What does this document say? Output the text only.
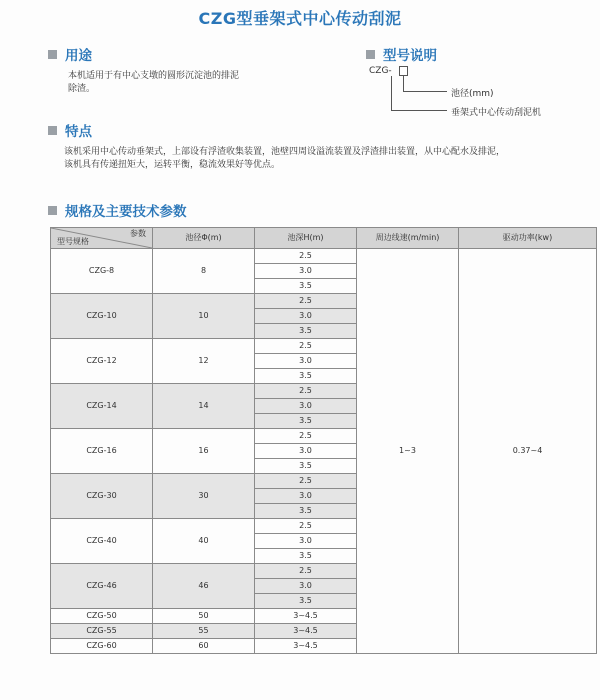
CZG型垂架式中心传动刮泥
用途
本机适用于有中心支墩的圆形沉淀池的排泥
除渣。
型号说明
CZG-
池径(mm)
垂架式中心传动刮泥机
特点
该机采用中心传动垂架式，上部设有浮渣收集装置，池壁四周设溢流装置及浮渣排出装置，从中心配水及排泥，
该机具有传递扭矩大，运转平衡，稳流效果好等优点。
规格及主要技术参数
参数
型号规格	池径Φ(m)	池深H(m)	周边线速(m/min)	驱动功率(kw)
CZG-8	8	2.5	1~3	0.37~4
		3.0		
		3.5		
CZG-10	10	2.5		
		3.0		
		3.5		
CZG-12	12	2.5		
		3.0		
		3.5		
CZG-14	14	2.5		
		3.0		
		3.5		
CZG-16	16	2.5		
		3.0		
		3.5		
CZG-30	30	2.5		
		3.0		
		3.5		
CZG-40	40	2.5		
		3.0		
		3.5		
CZG-46	46	2.5		
		3.0		
		3.5		
CZG-50	50	3~4.5		
CZG-55	55	3~4.5		
CZG-60	60	3~4.5		
